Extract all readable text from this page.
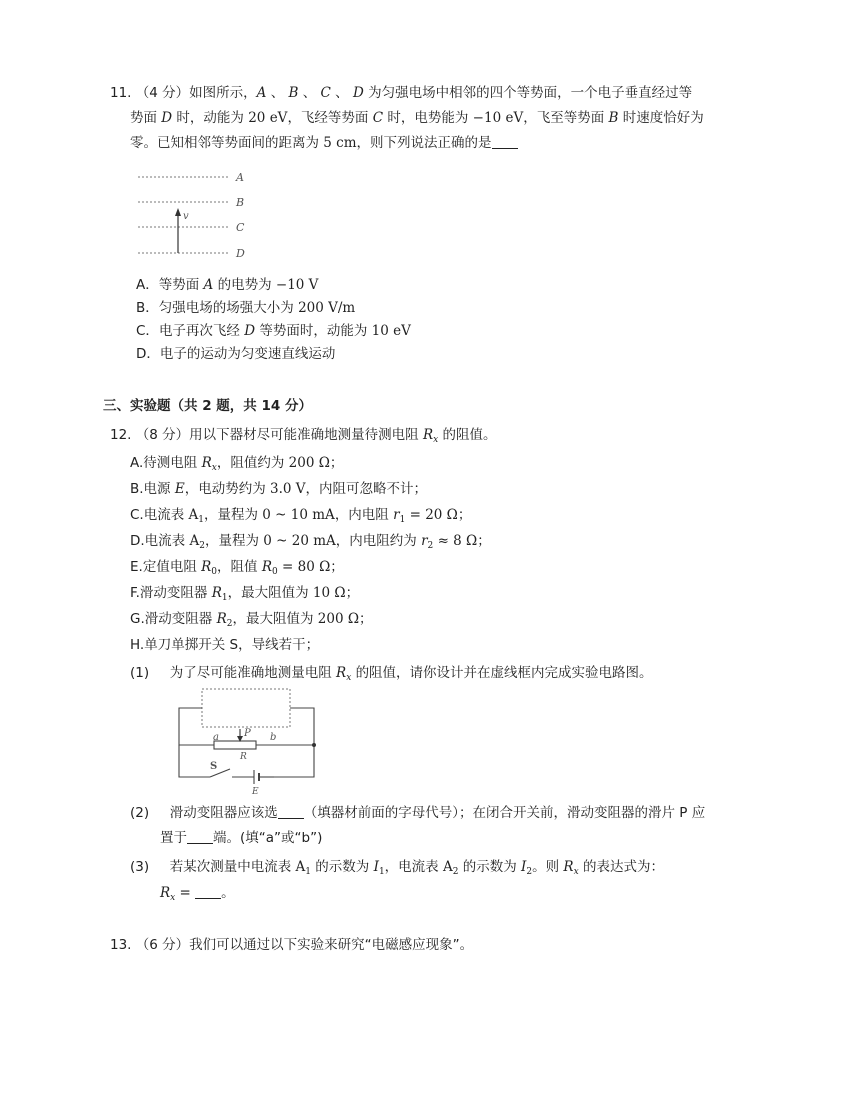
11. （4 分）如图所示，A 、 B 、 C 、 D 为匀强电场中相邻的四个等势面，一个电子垂直经过等
势面 D 时，动能为 20 eV，飞经等势面 C 时，电势能为 −10 eV，飞至等势面 B 时速度恰好为
零。已知相邻等势面间的距离为 5 cm，则下列说法正确的是
v
A
B
C
D
A．等势面 A 的电势为 −10 V
B．匀强电场的场强大小为 200 V/m
C．电子再次飞经 D 等势面时，动能为 10 eV
D．电子的运动为匀变速直线运动
三、实验题（共 2 题，共 14 分）
12. （8 分）用以下器材尽可能准确地测量待测电阻 $R_x$ 的阻值。
A.待测电阻 $R_x$，阻值约为 200 Ω；
B.电源 E，电动势约为 3.0 V，内阻可忽略不计；
C.电流表 $A_1$，量程为 0 ~ 10 mA，内电阻 $r_1 = 20$ Ω；
D.电流表 $A_2$，量程为 0 ~ 20 mA，内电阻约为 $r_2 \approx 8$ Ω；
E.定值电阻 $R_0$，阻值 $R_0 = 80$ Ω；
F.滑动变阻器 $R_1$，最大阻值为 10 Ω；
G.滑动变阻器 $R_2$，最大阻值为 200 Ω；
H.单刀单掷开关 S，导线若干；
(1) 为了尽可能准确地测量电阻 $R_x$ 的阻值，请你设计并在虚线框内完成实验电路图。
a	P b
R
S
E
(2) 滑动变阻器应该选 （填器材前面的字母代号）；在闭合开关前，滑动变阻器的滑片 P 应
置于 端。(填“a”或“b”)
(3) 若某次测量中电流表 $A_1$ 的示数为 $I_1$，电流表 $A_2$ 的示数为 $I_2$。则 $R_x$ 的表达式为：
$R_x$ = 。
13. （6 分）我们可以通过以下实验来研究“电磁感应现象”。
